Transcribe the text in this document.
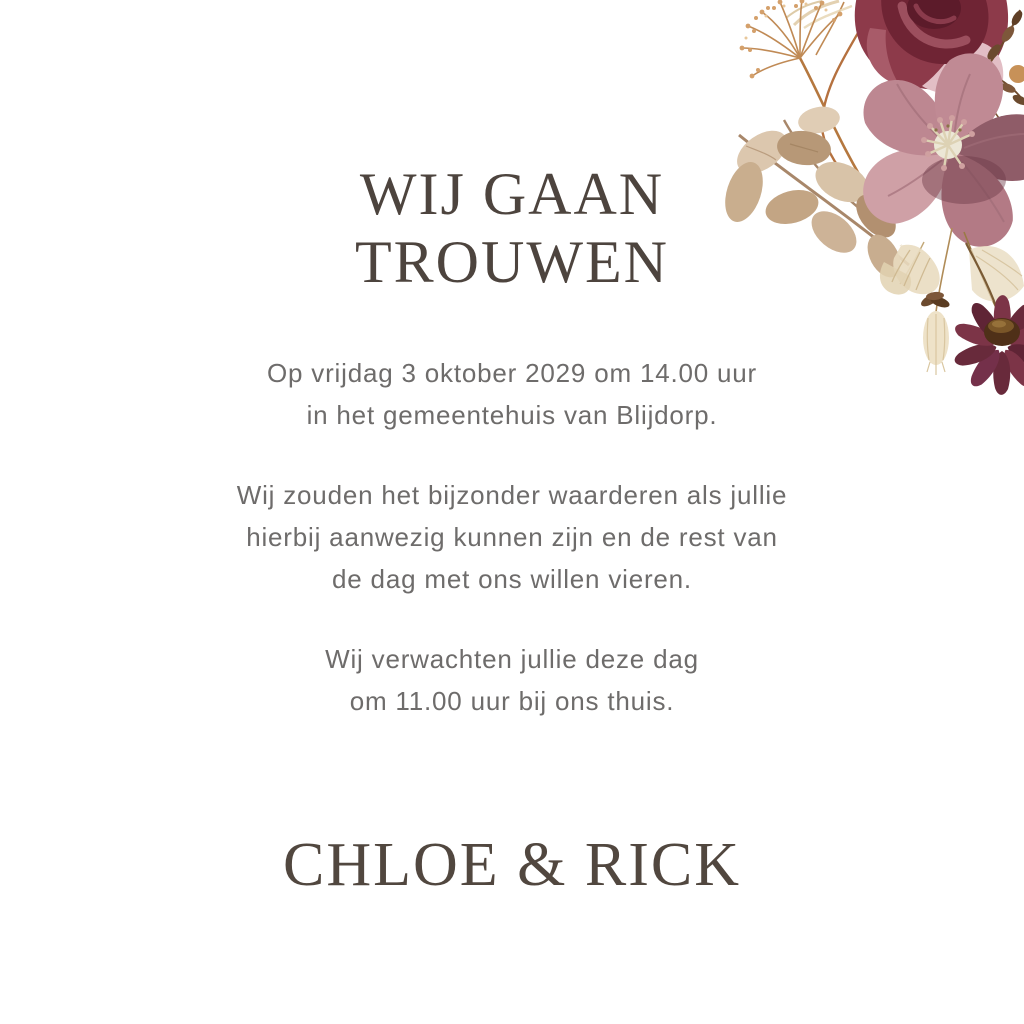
WIJ GAAN
TROUWEN
Op vrijdag 3 oktober 2029 om 14.00 uur
in het gemeentehuis van Blijdorp.
Wij zouden het bijzonder waarderen als jullie
hierbij aanwezig kunnen zijn en de rest van
de dag met ons willen vieren.
Wij verwachten jullie deze dag
om 11.00 uur bij ons thuis.
CHLOE & RICK
